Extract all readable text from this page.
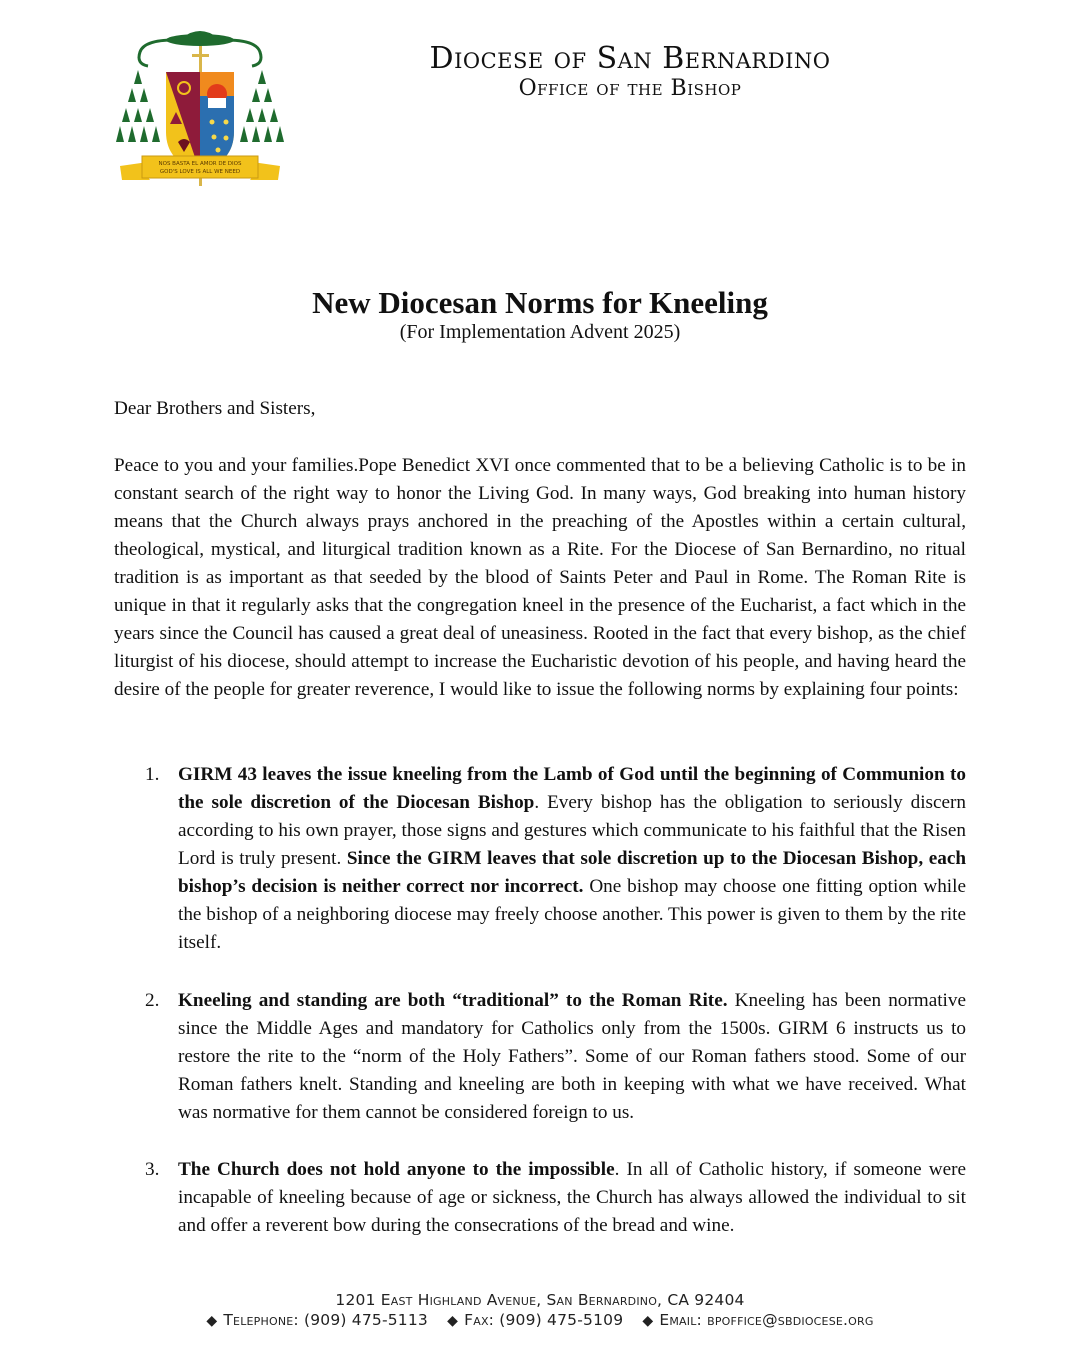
NOS BASTA EL AMOR DE DIOS
GOD'S LOVE IS ALL WE NEED
Diocese of San Bernardino
Office of the Bishop
New Diocesan Norms for Kneeling
(For Implementation Advent 2025)
Dear Brothers and Sisters,
Peace to you and your families.Pope Benedict XVI once commented that to be a believing Catholic is to be in constant search of the right way to honor the Living God. In many ways, God breaking into human history means that the Church always prays anchored in the preaching of the Apostles within a certain cultural, theological, mystical, and liturgical tradition known as a Rite. For the Diocese of San Bernardino, no ritual tradition is as important as that seeded by the blood of Saints Peter and Paul in Rome. The Roman Rite is unique in that it regularly asks that the congregation kneel in the presence of the Eucharist, a fact which in the years since the Council has caused a great deal of uneasiness. Rooted in the fact that every bishop, as the chief liturgist of his diocese, should attempt to increase the Eucharistic devotion of his people, and having heard the desire of the people for greater reverence, I would like to issue the following norms by explaining four points:
1. GIRM 43 leaves the issue kneeling from the Lamb of God until the beginning of Communion to the sole discretion of the Diocesan Bishop. Every bishop has the obligation to seriously discern according to his own prayer, those signs and gestures which communicate to his faithful that the Risen Lord is truly present. Since the GIRM leaves that sole discretion up to the Diocesan Bishop, each bishop’s decision is neither correct nor incorrect. One bishop may choose one fitting option while the bishop of a neighboring diocese may freely choose another. This power is given to them by the rite itself.
2. Kneeling and standing are both “traditional” to the Roman Rite. Kneeling has been normative since the Middle Ages and mandatory for Catholics only from the 1500s. GIRM 6 instructs us to restore the rite to the “norm of the Holy Fathers”. Some of our Roman fathers stood. Some of our Roman fathers knelt. Standing and kneeling are both in keeping with what we have received. What was normative for them cannot be considered foreign to us.
3. The Church does not hold anyone to the impossible. In all of Catholic history, if someone were incapable of kneeling because of age or sickness, the Church has always allowed the individual to sit and offer a reverent bow during the consecrations of the bread and wine.
1201 East Highland Avenue, San Bernardino, CA 92404
◆ Telephone: (909) 475-5113 ◆ Fax: (909) 475-5109 ◆ Email: bpoffice@sbdiocese.org
